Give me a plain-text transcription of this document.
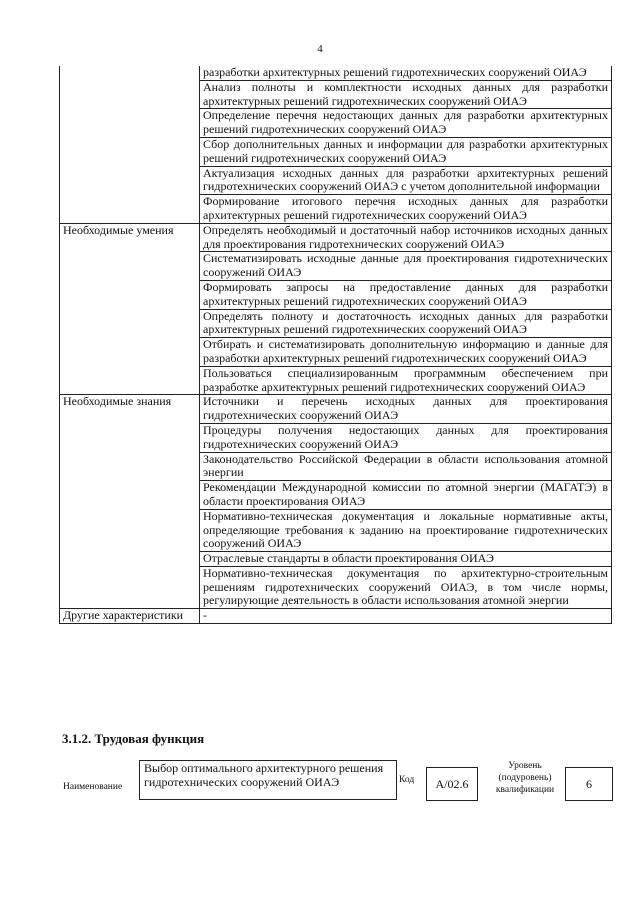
4
	разработки архитектурных решений гидротехнических сооружений ОИАЭ
	Анализ полноты и комплектности исходных данных для разработки архитектурных решений гидротехнических сооружений ОИАЭ
	Определение перечня недостающих данных для разработки архитектурных решений гидротехнических сооружений ОИАЭ
	Сбор дополнительных данных и информации для разработки архитектурных решений гидротехнических сооружений ОИАЭ
	Актуализация исходных данных для разработки архитектурных решений гидротехнических сооружений ОИАЭ с учетом дополнительной информации
	Формирование итогового перечня исходных данных для разработки архитектурных решений гидротехнических сооружений ОИАЭ
Необходимые умения	Определять необходимый и достаточный набор источников исходных данных для проектирования гидротехнических сооружений ОИАЭ
	Систематизировать исходные данные для проектирования гидротехнических сооружений ОИАЭ
	Формировать запросы на предоставление данных для разработки архитектурных решений гидротехнических сооружений ОИАЭ
	Определять полноту и достаточность исходных данных для разработки архитектурных решений гидротехнических сооружений ОИАЭ
	Отбирать и систематизировать дополнительную информацию и данные для разработки архитектурных решений гидротехнических сооружений ОИАЭ
	Пользоваться специализированным программным обеспечением при разработке архитектурных решений гидротехнических сооружений ОИАЭ
Необходимые знания	Источники и перечень исходных данных для проектирования гидротехнических сооружений ОИАЭ
	Процедуры получения недостающих данных для проектирования гидротехнических сооружений ОИАЭ
	Законодательство Российской Федерации в области использования атомной энергии
	Рекомендации Международной комиссии по атомной энергии (МАГАТЭ) в области проектирования ОИАЭ
	Нормативно-техническая документация и локальные нормативные акты, определяющие требования к заданию на проектирование гидротехнических сооружений ОИАЭ
	Отраслевые стандарты в области проектирования ОИАЭ
	Нормативно-техническая документация по архитектурно-строительным решениям гидротехнических сооружений ОИАЭ, в том числе нормы, регулирующие деятельность в области использования атомной энергии
Другие характеристики	-
3.1.2. Трудовая функция
Наименование
Выбор оптимального архитектурного решения гидротехнических сооружений ОИАЭ	Код	A/02.6
Уровень (подуровень) квалификации	6
